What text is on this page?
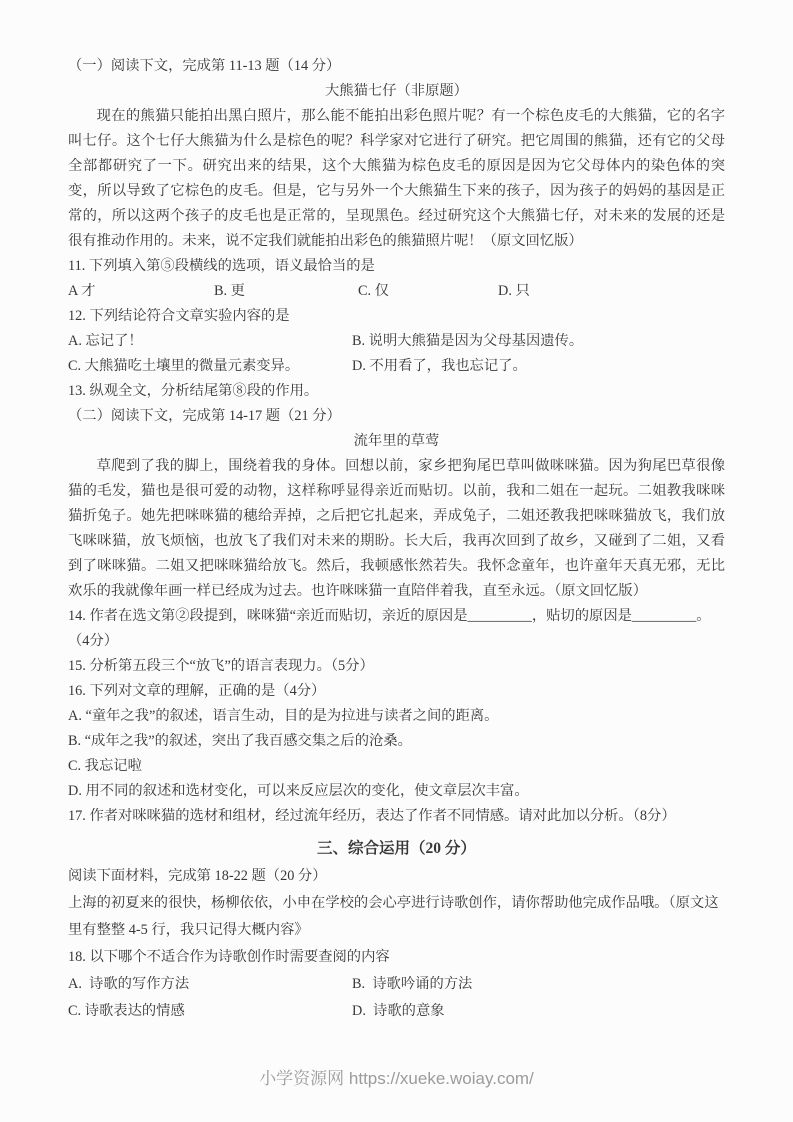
（一）阅读下文，完成第 11-13 题（14 分）
大熊猫七仔（非原题）
现在的熊猫只能拍出黑白照片，那么能不能拍出彩色照片呢？有一个棕色皮毛的大熊猫，它的名字叫七仔。这个七仔大熊猫为什么是棕色的呢？科学家对它进行了研究。把它周围的熊猫，还有它的父母全部都研究了一下。研究出来的结果，这个大熊猫为棕色皮毛的原因是因为它父母体内的染色体的突变，所以导致了它棕色的皮毛。但是，它与另外一个大熊猫生下来的孩子，因为孩子的妈妈的基因是正常的，所以这两个孩子的皮毛也是正常的，呈现黑色。经过研究这个大熊猫七仔，对未来的发展的还是很有推动作用的。未来，说不定我们就能拍出彩色的熊猫照片呢！（原文回忆版）
11. 下列填入第⑤段横线的选项，语义最恰当的是
A 才	B. 更	C. 仅	D. 只
12. 下列结论符合文章实验内容的是
A. 忘记了！	B. 说明大熊猫是因为父母基因遗传。
C. 大熊猫吃土壤里的微量元素变异。	D. 不用看了，我也忘记了。
13. 纵观全文，分析结尾第⑧段的作用。
（二）阅读下文，完成第 14-17 题（21 分）
流年里的草莺
草爬到了我的脚上，围绕着我的身体。回想以前，家乡把狗尾巴草叫做咪咪猫。因为狗尾巴草很像猫的毛发，猫也是很可爱的动物，这样称呼显得亲近而贴切。以前，我和二姐在一起玩。二姐教我咪咪猫折兔子。她先把咪咪猫的穗给弄掉，之后把它扎起来，弄成兔子，二姐还教我把咪咪猫放飞，我们放飞咪咪猫，放飞烦恼，也放飞了我们对未来的期盼。长大后，我再次回到了故乡，又碰到了二姐，又看到了咪咪猫。二姐又把咪咪猫给放飞。然后，我顿感怅然若失。我怀念童年，也许童年天真无邪，无比欢乐的我就像年画一样已经成为过去。也许咪咪猫一直陪伴着我，直至永远。（原文回忆版）
14. 作者在选文第②段提到，咪咪猫“亲近而贴切，亲近的原因是_________，贴切的原因是_________。
（4分）
15. 分析第五段三个“放飞”的语言表现力。（5分）
16. 下列对文章的理解，正确的是（4分）
A. “童年之我”的叙述，语言生动，目的是为拉进与读者之间的距离。
B. “成年之我”的叙述，突出了我百感交集之后的沧桑。
C. 我忘记啦
D. 用不同的叙述和选材变化，可以来反应层次的变化，使文章层次丰富。
17. 作者对咪咪猫的选材和组材，经过流年经历，表达了作者不同情感。请对此加以分析。（8分）
三、综合运用（20 分）
阅读下面材料，完成第 18-22 题（20 分）
上海的初夏来的很快，杨柳依依，小申在学校的会心亭进行诗歌创作，请你帮助他完成作品哦。（原文这里有整整 4-5 行，我只记得大概内容》
18. 以下哪个不适合作为诗歌创作时需要查阅的内容
A.  诗歌的写作方法	B.  诗歌吟诵的方法
C. 诗歌表达的情感	D.  诗歌的意象
小学资源网 https://xueke.woiay.com/
